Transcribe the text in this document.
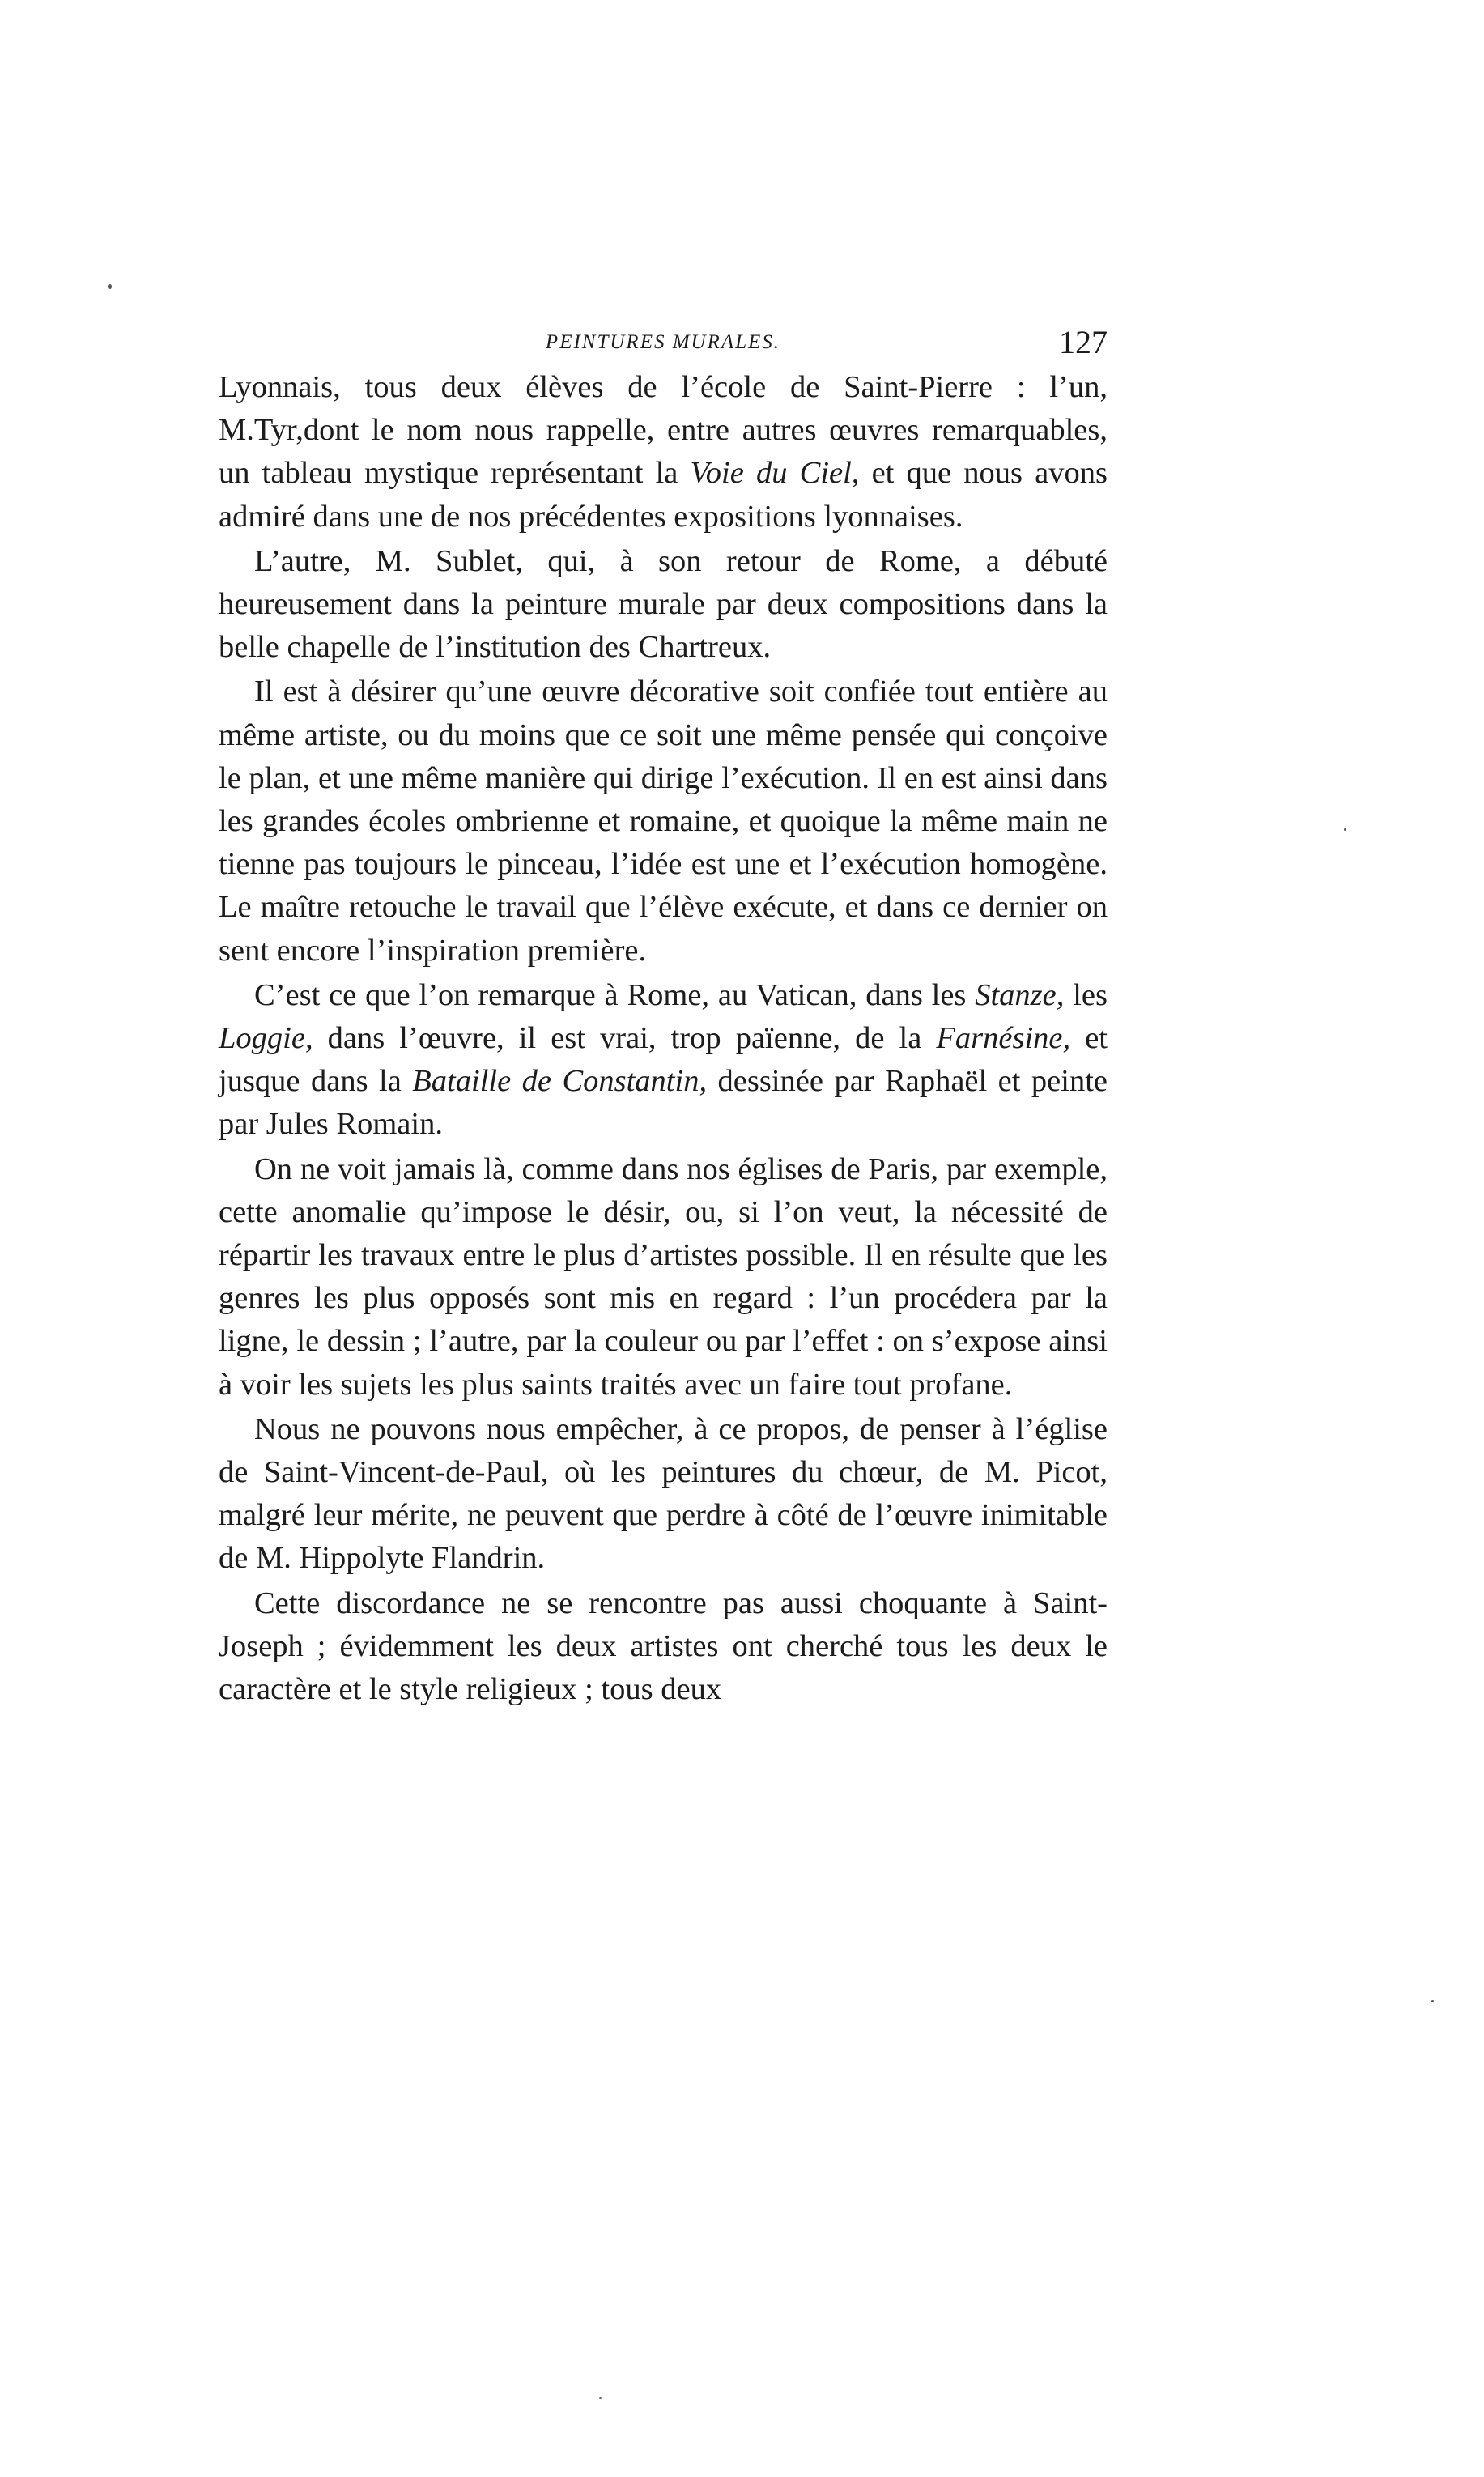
PEINTURES MURALES.	127

Lyonnais, tous deux élèves de l’école de Saint-Pierre : l’un, M.Tyr,dont le nom nous rappelle, entre autres œuvres remarquables, un tableau mystique représentant la Voie du Ciel, et que nous avons admiré dans une de nos précédentes expositions lyonnaises.

L’autre, M. Sublet, qui, à son retour de Rome, a débuté heureusement dans la peinture murale par deux compositions dans la belle chapelle de l’institution des Chartreux.

Il est à désirer qu’une œuvre décorative soit confiée tout entière au même artiste, ou du moins que ce soit une même pensée qui conçoive le plan, et une même manière qui dirige l’exécution. Il en est ainsi dans les grandes écoles ombrienne et romaine, et quoique la même main ne tienne pas toujours le pinceau, l’idée est une et l’exécution homogène. Le maître retouche le travail que l’élève exécute, et dans ce dernier on sent encore l’inspiration première.

C’est ce que l’on remarque à Rome, au Vatican, dans les Stanze, les Loggie, dans l’œuvre, il est vrai, trop païenne, de la Farnésine, et jusque dans la Bataille de Constantin, dessinée par Raphaël et peinte par Jules Romain.

On ne voit jamais là, comme dans nos églises de Paris, par exemple, cette anomalie qu’impose le désir, ou, si l’on veut, la nécessité de répartir les travaux entre le plus d’artistes possible. Il en résulte que les genres les plus opposés sont mis en regard : l’un procédera par la ligne, le dessin ; l’autre, par la couleur ou par l’effet : on s’expose ainsi à voir les sujets les plus saints traités avec un faire tout profane.

Nous ne pouvons nous empêcher, à ce propos, de penser à l’église de Saint-Vincent-de-Paul, où les peintures du chœur, de M. Picot, malgré leur mérite, ne peuvent que perdre à côté de l’œuvre inimitable de M. Hippolyte Flandrin.

Cette discordance ne se rencontre pas aussi choquante à Saint-Joseph ; évidemment les deux artistes ont cherché tous les deux le caractère et le style religieux ; tous deux
